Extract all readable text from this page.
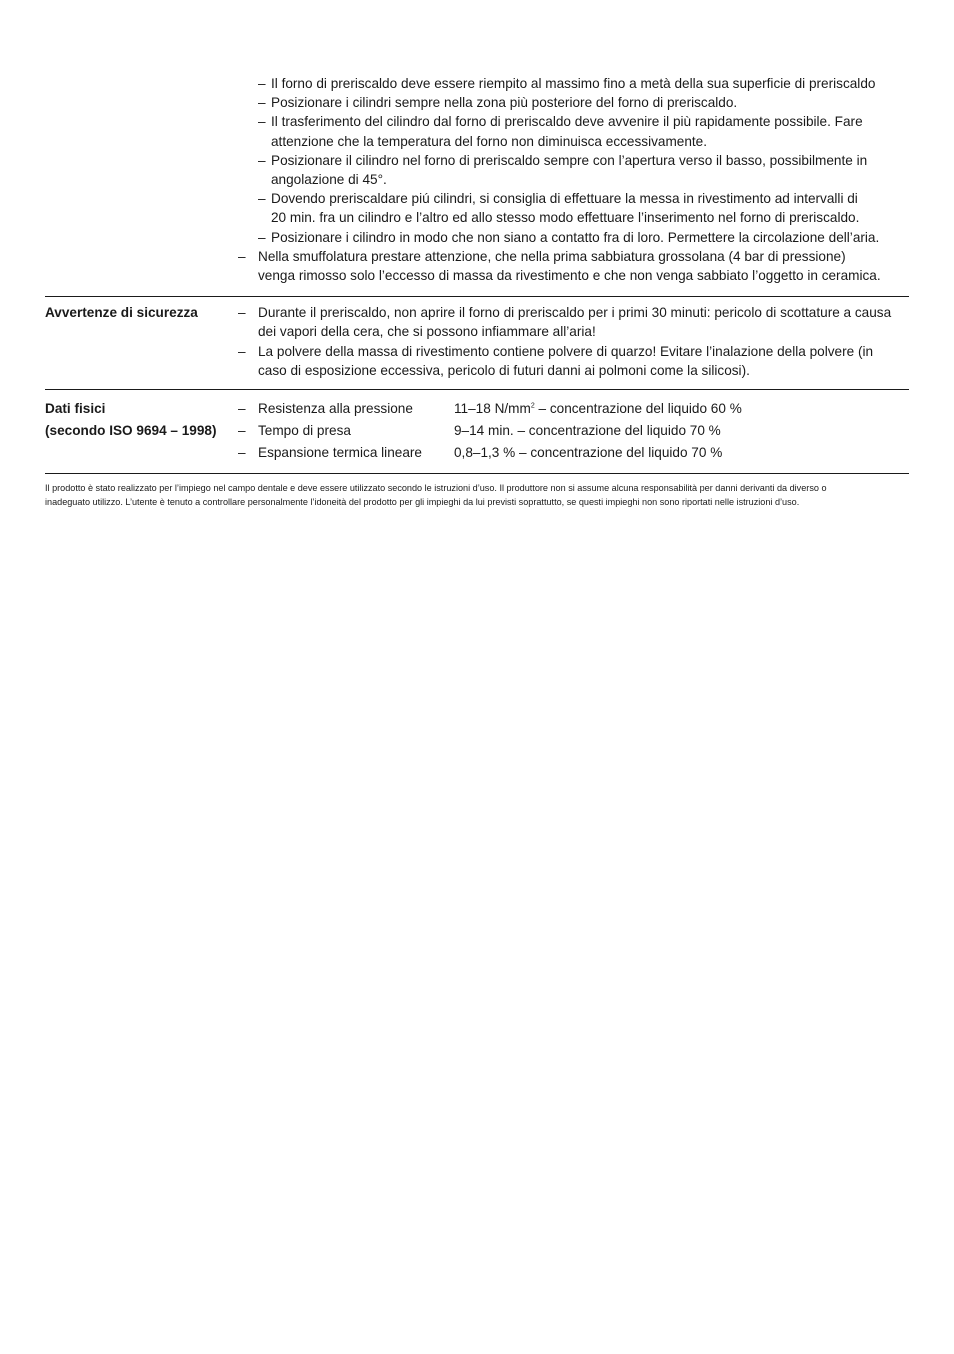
– Il forno di preriscaldo deve essere riempito al massimo fino a metà della sua superficie di preriscaldo
– Posizionare i cilindri sempre nella zona più posteriore del forno di preriscaldo.
– Il trasferimento del cilindro dal forno di preriscaldo deve avvenire il più rapidamente possibile. Fare
attenzione che la temperatura del forno non diminuisca eccessivamente.
– Posizionare il cilindro nel forno di preriscaldo sempre con l’apertura verso il basso, possibilmente in
angolazione di 45°.
– Dovendo preriscaldare piú cilindri, si consiglia di effettuare la messa in rivestimento ad intervalli di
20 min. fra un cilindro e l’altro ed allo stesso modo effettuare l’inserimento nel forno di preriscaldo.
– Posizionare i cilindro in modo che non siano a contatto fra di loro. Permettere la circolazione dell’aria.
– Nella smuffolatura prestare attenzione, che nella prima sabbiatura grossolana (4 bar di pressione)
venga rimosso solo l’eccesso di massa da rivestimento e che non venga sabbiato l’oggetto in ceramica.
Avvertenze di sicurezza	– Durante il preriscaldo, non aprire il forno di preriscaldo per i primi 30 minuti: pericolo di scottature a causa
dei vapori della cera, che si possono infiammare all’aria!
– La polvere della massa di rivestimento contiene polvere di quarzo! Evitare l’inalazione della polvere (in
caso di esposizione eccessiva, pericolo di futuri danni ai polmoni come la silicosi).
Dati fisici	– Resistenza alla pressione	11–18 $N/mm^2$ – concentrazione del liquido 60 %
(secondo ISO 9694 – 1998)	– Tempo di presa	9–14 min. – concentrazione del liquido 70 %
– Espansione termica lineare	0,8–1,3 % – concentrazione del liquido 70 %
Il prodotto è stato realizzato per l’impiego nel campo dentale e deve essere utilizzato secondo le istruzioni d’uso. Il produttore non si assume alcuna responsabilità per danni derivanti da diverso o
inadeguato utilizzo. L’utente è tenuto a controllare personalmente l’idoneità del prodotto per gli impieghi da lui previsti soprattutto, se questi impieghi non sono riportati nelle istruzioni d’uso.
